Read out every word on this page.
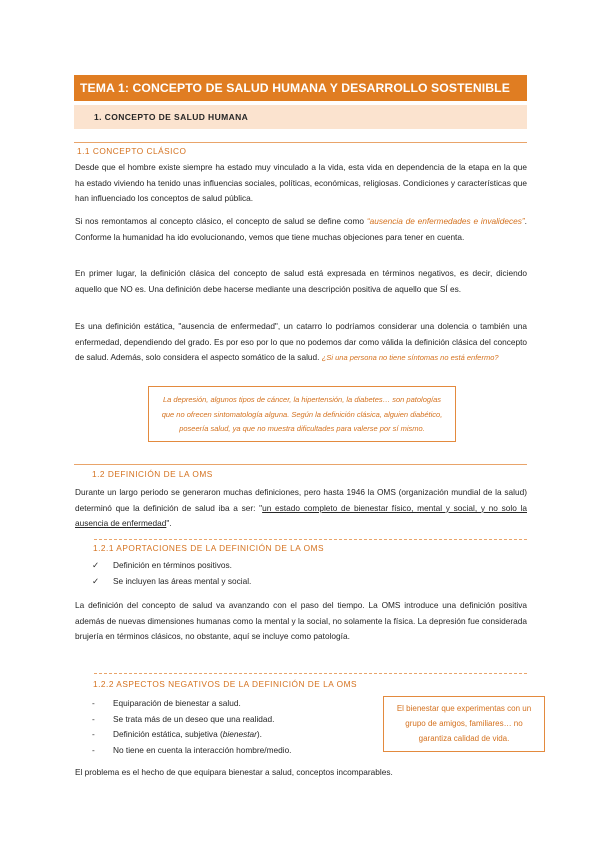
TEMA 1: CONCEPTO DE SALUD HUMANA Y DESARROLLO SOSTENIBLE
1. CONCEPTO DE SALUD HUMANA
1.1 CONCEPTO CLÁSICO

Desde que el hombre existe siempre ha estado muy vinculado a la vida, esta vida en dependencia de la etapa en la que ha estado viviendo ha tenido unas influencias sociales, políticas, económicas, religiosas. Condiciones y características que han influenciado los conceptos de salud pública.

Si nos remontamos al concepto clásico, el concepto de salud se define como “ausencia de enfermedades e invalideces”. Conforme la humanidad ha ido evolucionando, vemos que tiene muchas objeciones para tener en cuenta.

En primer lugar, la definición clásica del concepto de salud está expresada en términos negativos, es decir, diciendo aquello que NO es. Una definición debe hacerse mediante una descripción positiva de aquello que SÍ es.

Es una definición estática, "ausencia de enfermedad", un catarro lo podríamos considerar una dolencia o también una enfermedad, dependiendo del grado. Es por eso por lo que no podemos dar como válida la definición clásica del concepto de salud. Además, solo considera el aspecto somático de la salud. ¿Si una persona no tiene síntomas no está enfermo?

La depresión, algunos tipos de cáncer, la hipertensión, la diabetes… son patologías que no ofrecen sintomatología alguna. Según la definición clásica, alguien diabético, poseería salud, ya que no muestra dificultades para valerse por sí mismo.
1.2 DEFINICIÓN DE LA OMS

Durante un largo periodo se generaron muchas definiciones, pero hasta 1946 la OMS (organización mundial de la salud) determinó que la definición de salud iba a ser: "un estado completo de bienestar físico, mental y social, y no solo la ausencia de enfermedad".

1.2.1 APORTACIONES DE LA DEFINICIÓN DE LA OMS
✓ Definición en términos positivos.
✓ Se incluyen las áreas mental y social.

La definición del concepto de salud va avanzando con el paso del tiempo. La OMS introduce una definición positiva además de nuevas dimensiones humanas como la mental y la social, no solamente la física. La depresión fue considerada brujería en términos clásicos, no obstante, aquí se incluye como patología.

1.2.2 ASPECTOS NEGATIVOS DE LA DEFINICIÓN DE LA OMS
- Equiparación de bienestar a salud.
- Se trata más de un deseo que una realidad.
- Definición estática, subjetiva (bienestar).
- No tiene en cuenta la interacción hombre/medio.
El bienestar que experimentas con un grupo de amigos, familiares… no garantiza calidad de vida.

El problema es el hecho de que equipara bienestar a salud, conceptos incomparables.
